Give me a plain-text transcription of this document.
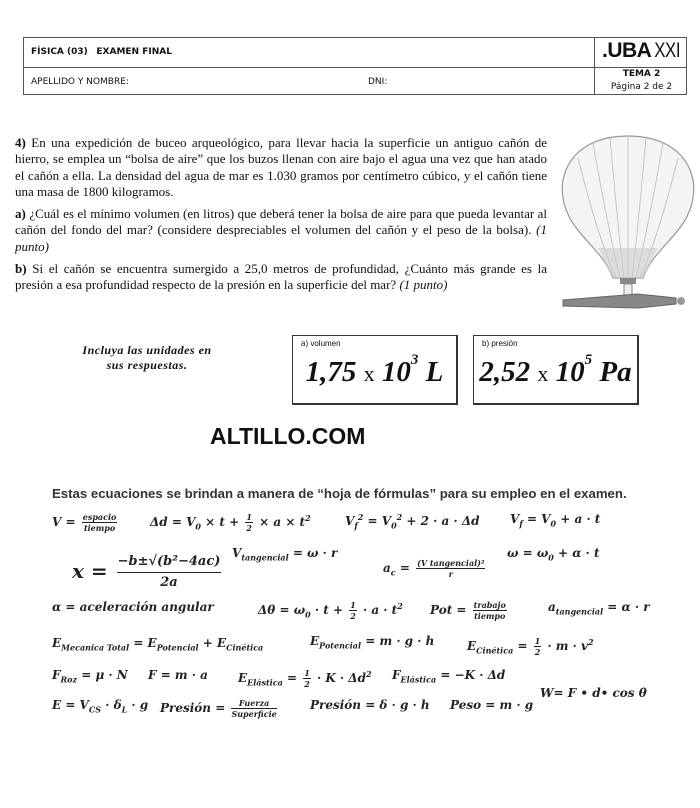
FÍSICA (03) EXAMEN FINAL	.UBA XXI
APELLIDO Y NOMBRE:	DNI:
TEMA 2
Página 2 de 2

4) En una expedición de buceo arqueológico, para llevar hacia la superficie un antiguo cañón de hierro, se emplea un “bolsa de aire” que los buzos llenan con aire bajo el agua una vez que han atado el cañón a ella. La densidad del agua de mar es 1.030 gramos por centímetro cúbico, y el cañón tiene una masa de 1800 kilogramos.

a) ¿Cuál es el mínimo volumen (en litros) que deberá tener la bolsa de aire para que pueda levantar al cañón del fondo del mar? (considere despreciables el volumen del cañón y el peso de la bolsa). (1 punto)

b) Si el cañón se encuentra sumergido a 25,0 metros de profundidad, ¿Cuánto más grande es la presión a esa profundidad respecto de la presión en la superficie del mar? (1 punto)

Incluya las unidades en
sus respuestas.
a) volumen
1,75 x $10^3$ L
b) presión
2,52 x $10^5$ Pa
ALTILLO.COM
Estas ecuaciones se brindan a manera de “hoja de fórmulas” para su empleo en el examen.
$V = \frac{\text{espacio}}{\text{tiempo}}$	$\Delta d = V_0 \times t + \frac{1}{2} \times a \times t^2$	$V_f^2 = V_0^2 + 2 \cdot a \cdot \Delta d$	$V_f = V_0 + a \cdot t$
$x = \frac{\text{−b±√(b²−4ac)}}{2a} V_{tangencial} = \omega \cdot r$
$a_c = \frac{\text{(V tangencial)²}}{r}$
$\omega = \omega_0 + \alpha \cdot t$
α = aceleración angular	$\Delta\theta = \omega_0 \cdot t + \frac{1}{2} \cdot a \cdot t^2$ Pot = $\frac{\text{trabajo}}{\text{tiempo}}$	$a_{tangencial} = \alpha \cdot r$
$E_{Mecanica Total} = E_{Potencial} + E_{Cinética}$	$E_{Potencial} = m \cdot g \cdot h$	$E_{Cinética} = \frac{1}{2} \cdot m \cdot v^2$
$F_{Roz} = \mu \cdot N$ F = m · a	$E_{Elástica} = \frac{1}{2} \cdot K \cdot \Delta d^2$ $F_{Elástica} = -K \cdot \Delta d$
$E = V_{CS} \cdot \delta_L \cdot g$ Presión = $\frac{\text{Fuerza}}{\text{Superficie}}$	Presión = δ · g · h Peso = m · g
W= F • d• cos θ
